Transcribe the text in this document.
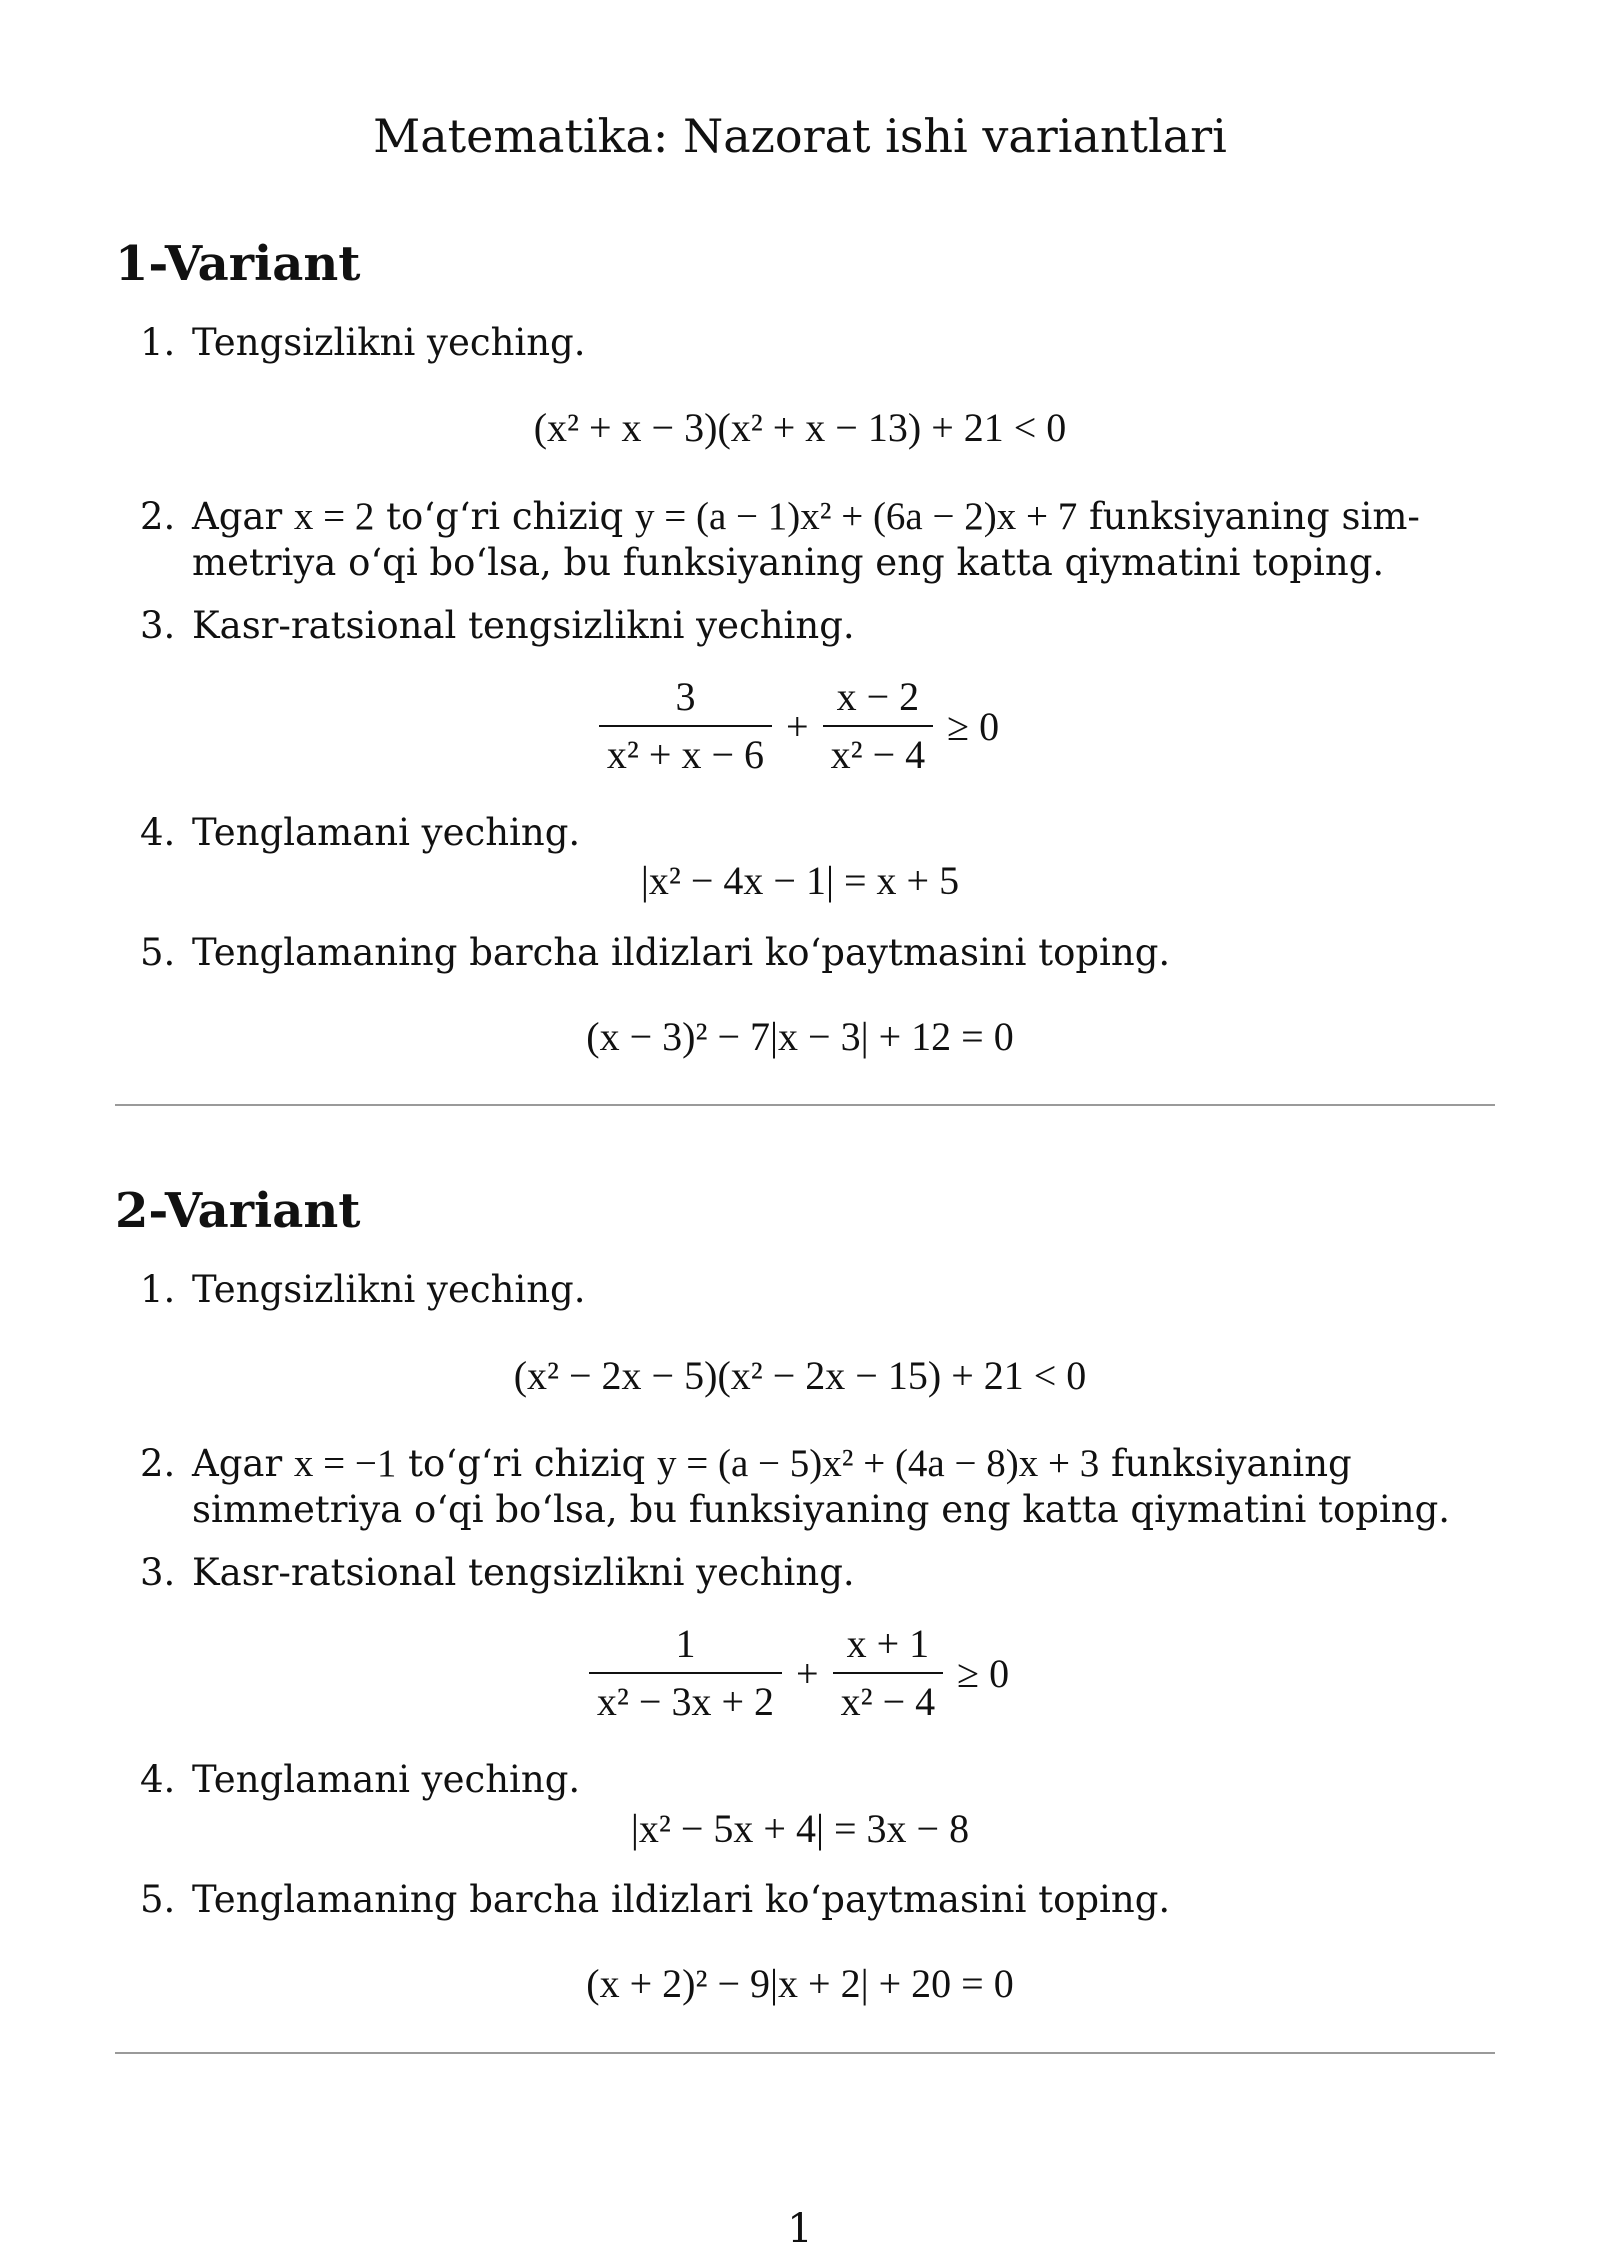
Matematika: Nazorat ishi variantlari
1-Variant
1. Tengsizlikni yeching.
(x² + x − 3)(x² + x − 13) + 21 < 0
2. Agar x = 2 to‘g‘ri chiziq y = (a − 1)x² + (6a − 2)x + 7 funksiyaning sim-
metriya o‘qi bo‘lsa, bu funksiyaning eng katta qiymatini toping.
3. Kasr-ratsional tengsizlikni yeching.
$\frac{3}{\text{x² + x − 6}} + \frac{x - 2}{\text{x² − 4}} \ge 0$
4. Tenglamani yeching.
|x² − 4x − 1| = x + 5
5. Tenglamaning barcha ildizlari ko‘paytmasini toping.
(x − 3)² − 7|x − 3| + 12 = 0
2-Variant
1. Tengsizlikni yeching.
(x² − 2x − 5)(x² − 2x − 15) + 21 < 0
2. Agar x = −1 to‘g‘ri chiziq y = (a − 5)x² + (4a − 8)x + 3 funksiyaning
simmetriya o‘qi bo‘lsa, bu funksiyaning eng katta qiymatini toping.
3. Kasr-ratsional tengsizlikni yeching.
$\frac{1}{\text{x² − 3x + 2}} + \frac{x + 1}{\text{x² − 4}} \ge 0$
4. Tenglamani yeching.
|x² − 5x + 4| = 3x − 8
5. Tenglamaning barcha ildizlari ko‘paytmasini toping.
(x + 2)² − 9|x + 2| + 20 = 0
1
